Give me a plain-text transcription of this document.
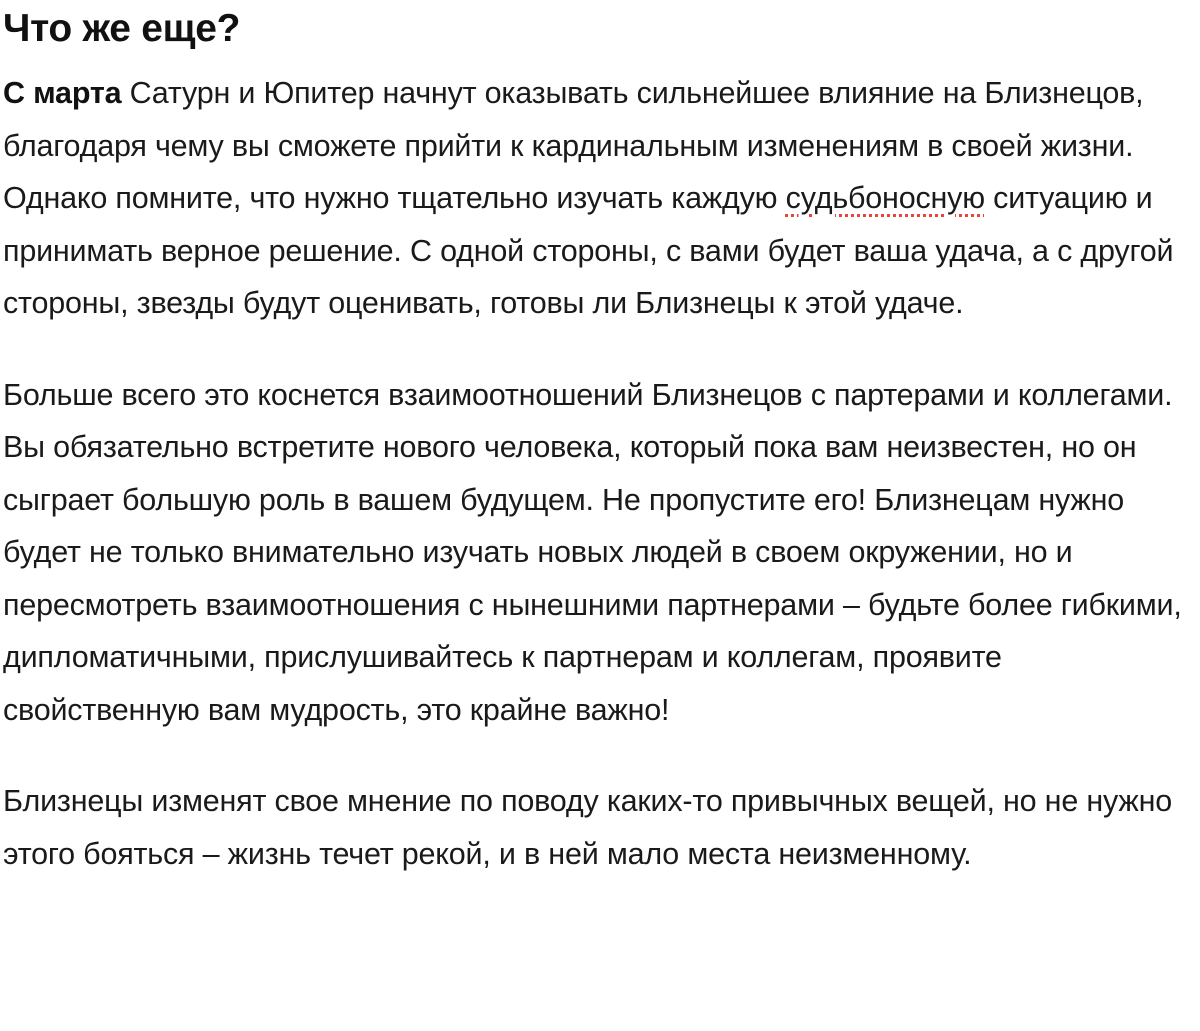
Что же еще?

С марта Сатурн и Юпитер начнут оказывать сильнейшее влияние на Близнецов, благодаря чему вы сможете прийти к кардинальным изменениям в своей жизни. Однако помните, что нужно тщательно изучать каждую судьбоносную ситуацию и принимать верное решение. С одной стороны, с вами будет ваша удача, а с другой стороны, звезды будут оценивать, готовы ли Близнецы к этой удаче.

Больше всего это коснется взаимоотношений Близнецов с партерами и коллегами. Вы обязательно встретите нового человека, который пока вам неизвестен, но он сыграет большую роль в вашем будущем. Не пропустите его! Близнецам нужно будет не только внимательно изучать новых людей в своем окружении, но и пересмотреть взаимоотношения с нынешними партнерами – будьте более гибкими, дипломатичными, прислушивайтесь к партнерам и коллегам, проявите свойственную вам мудрость, это крайне важно!

Близнецы изменят свое мнение по поводу каких-то привычных вещей, но не нужно этого бояться – жизнь течет рекой, и в ней мало места неизменному.
